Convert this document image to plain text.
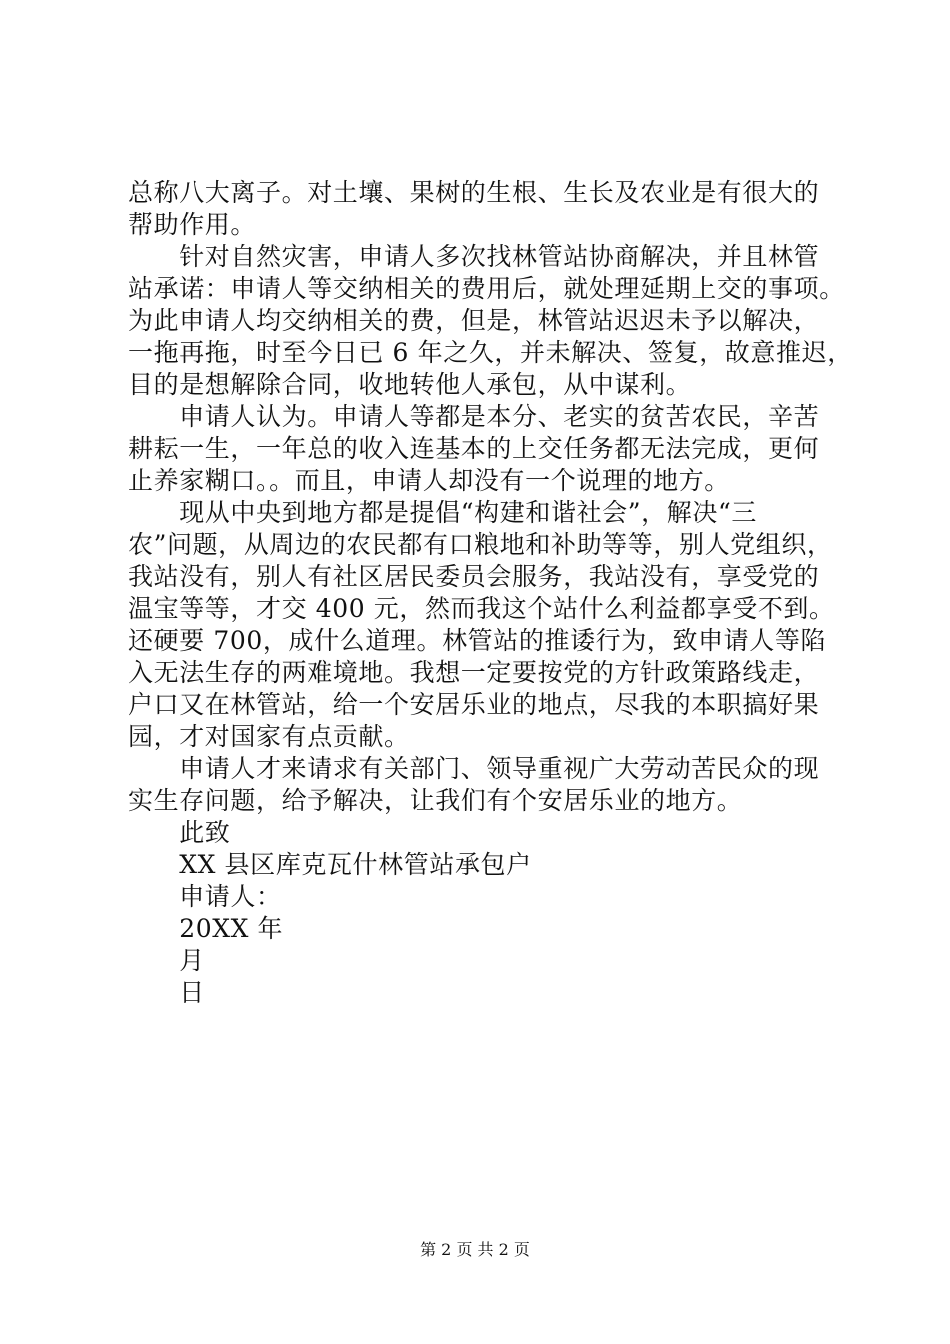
总称八大离子。对土壤、果树的生根、生长及农业是有很大的
帮助作用。
　　针对自然灾害，申请人多次找林管站协商解决，并且林管
站承诺：申请人等交纳相关的费用后，就处理延期上交的事项。
为此申请人均交纳相关的费，但是，林管站迟迟未予以解决，
一拖再拖，时至今日已 6 年之久，并未解决、签复，故意推迟，
目的是想解除合同，收地转他人承包，从中谋利。
　　申请人认为。申请人等都是本分、老实的贫苦农民，辛苦
耕耘一生，一年总的收入连基本的上交任务都无法完成，更何
止养家糊口。。而且，申请人却没有一个说理的地方。
　　现从中央到地方都是提倡“构建和谐社会”，解决“三
农”问题，从周边的农民都有口粮地和补助等等，别人党组织，
我站没有，别人有社区居民委员会服务，我站没有，享受党的
温宝等等，才交 400 元，然而我这个站什么利益都享受不到。
还硬要 700，成什么道理。林管站的推诿行为，致申请人等陷
入无法生存的两难境地。我想一定要按党的方针政策路线走，
户口又在林管站，给一个安居乐业的地点，尽我的本职搞好果
园，才对国家有点贡献。
　　申请人才来请求有关部门、领导重视广大劳动苦民众的现
实生存问题，给予解决，让我们有个安居乐业的地方。
　　此致
　　XX 县区库克瓦什林管站承包户
　　申请人：
　　20XX 年
　　月
　　日
第 2 页 共 2 页
